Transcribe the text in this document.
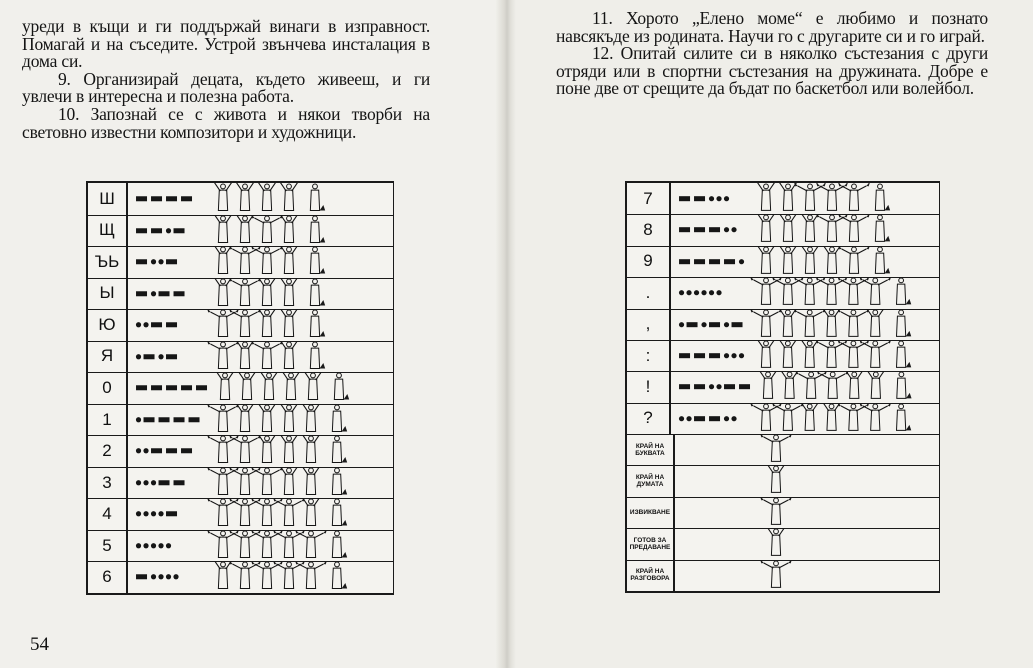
уреди в къщи и ги поддържай винаги в изправност. Помагай и на съседите. Устрой звънчева инсталация в дома си.

9. Организирай децата, където живееш, и ги увлечи в интересна и полезна работа.

10. Запознай се с живота и някои творби на световно известни композитори и художници.

11. Хорото „Елено моме“ е любимо и познато навсякъде из родината. Научи го с другарите си и го играй.

12. Опитай силите си в няколко състезания с други отряди или в спортни състезания на дружината. Добре е поне две от срещите да бъдат по баскетбол или волейбол.

54
Ш
Щ
ЪЬ
Ы
Ю
Я
0
1
2
3
4
5
6
7
8
9
.
,
:
!
?
КРАЙ НА БУКВАТА
КРАЙ НА ДУМАТА
ИЗВИКВАНЕ
ГОТОВ ЗА ПРЕДАВАНЕ
КРАЙ НА РАЗГОВОРА
